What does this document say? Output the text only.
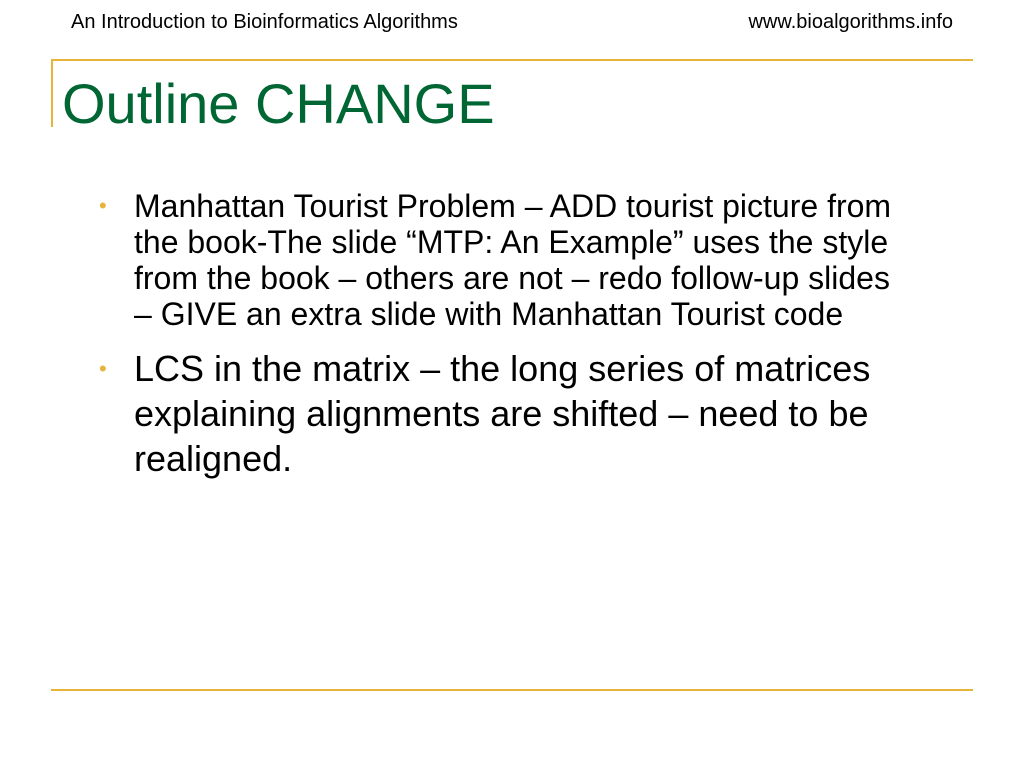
An Introduction to Bioinformatics Algorithms	www.bioalgorithms.info
Outline CHANGE
• Manhattan Tourist Problem – ADD tourist picture from the book-The slide “MTP: An Example” uses the style from the book – others are not – redo follow-up slides – GIVE an extra slide with Manhattan Tourist code
• LCS in the matrix – the long series of matrices explaining alignments are shifted – need to be realigned.
